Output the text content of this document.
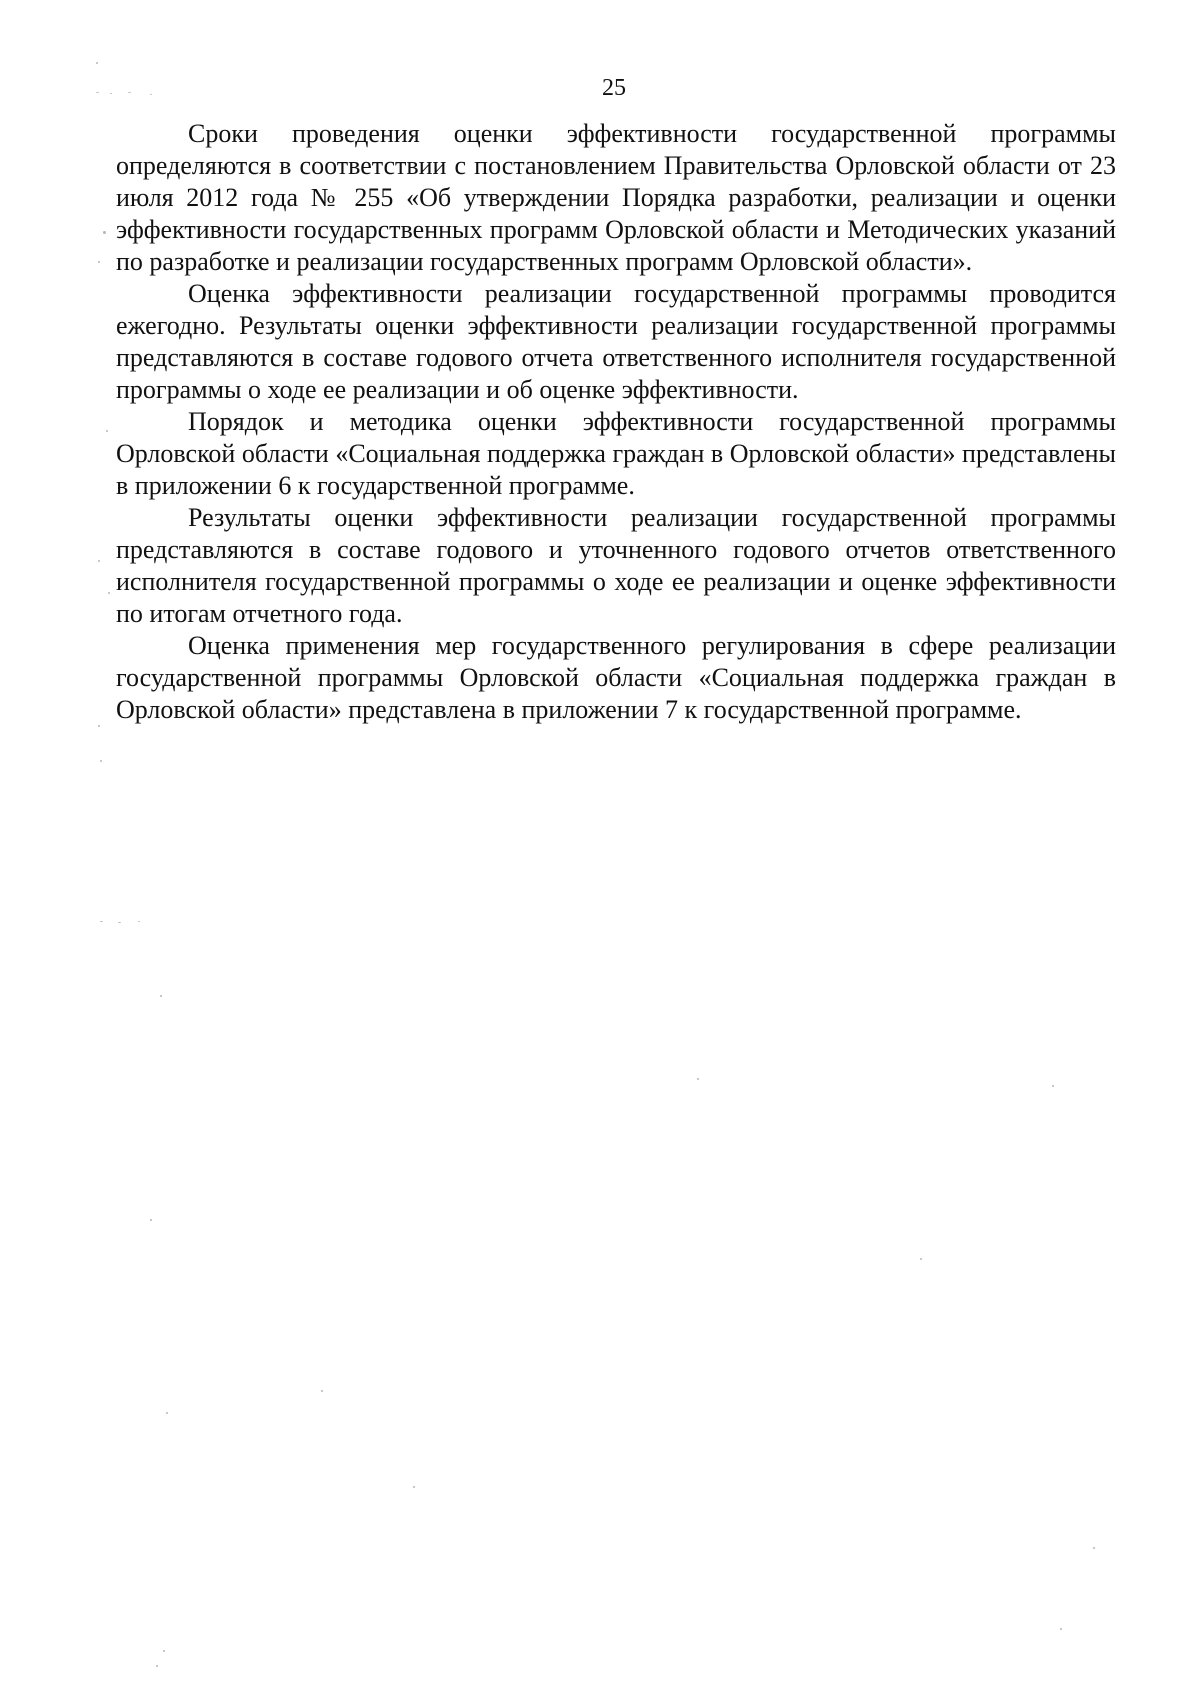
25

Сроки проведения оценки эффективности государственной программы определяются в соответствии с постановлением Правительства Орловской области от 23 июля 2012 года № 255 «Об утверждении Порядка разработки, реализации и оценки эффективности государственных программ Орловской области и Методических указаний по разработке и реализации государственных программ Орловской области».

Оценка эффективности реализации государственной программы проводится ежегодно. Результаты оценки эффективности реализации государственной программы представляются в составе годового отчета ответственного исполнителя государственной программы о ходе ее реализации и об оценке эффективности.

Порядок и методика оценки эффективности государственной программы Орловской области «Социальная поддержка граждан в Орловской области» представлены в приложении 6 к государственной программе.

Результаты оценки эффективности реализации государственной программы представляются в составе годового и уточненного годового отчетов ответственного исполнителя государственной программы о ходе ее реализации и оценке эффективности по итогам отчетного года.

Оценка применения мер государственного регулирования в сфере реализации государственной программы Орловской области «Социальная поддержка граждан в Орловской области» представлена в приложении 7 к государственной программе.
